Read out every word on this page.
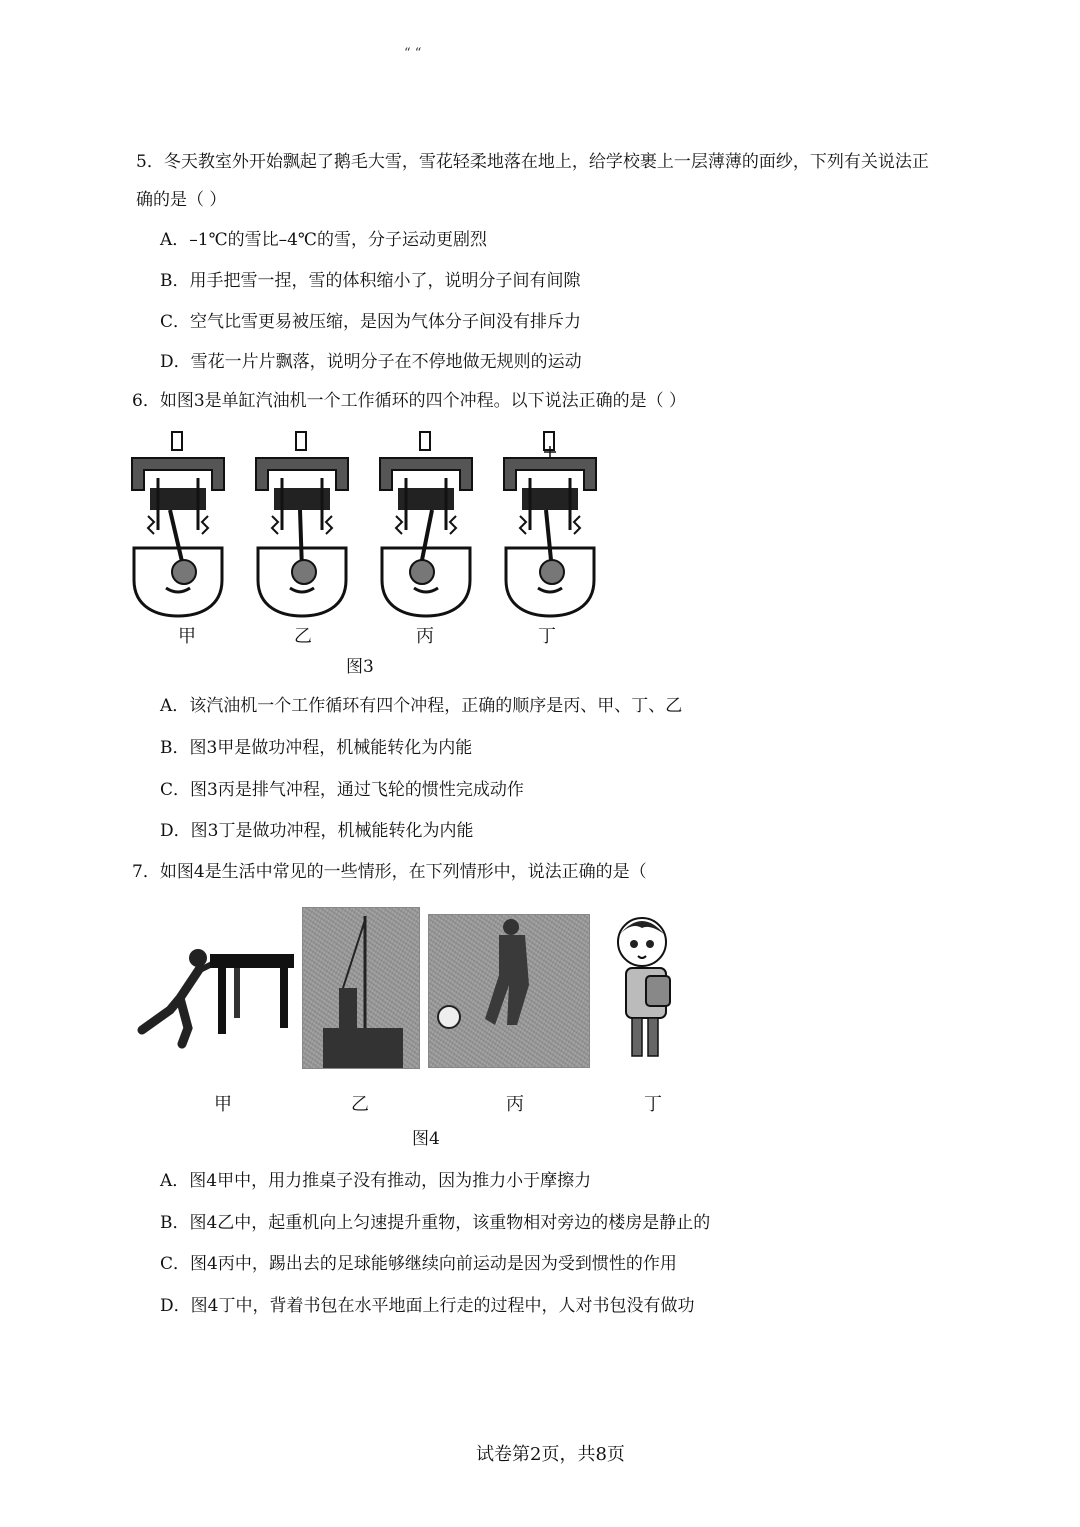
“ “
5．冬天教室外开始飘起了鹅毛大雪，雪花轻柔地落在地上，给学校裹上一层薄薄的面纱，下列有关说法正
确的是（ ）
A．–1℃的雪比–4℃的雪，分子运动更剧烈
B．用手把雪一捏，雪的体积缩小了，说明分子间有间隙
C．空气比雪更易被压缩，是因为气体分子间没有排斥力
D．雪花一片片飘落，说明分子在不停地做无规则的运动
6．如图3是单缸汽油机一个工作循环的四个冲程。以下说法正确的是（ ）
甲	乙	丙	丁
图3
A．该汽油机一个工作循环有四个冲程，正确的顺序是丙、甲、丁、乙
B．图3甲是做功冲程，机械能转化为内能
C．图3丙是排气冲程，通过飞轮的惯性完成动作
D．图3丁是做功冲程，机械能转化为内能
7．如图4是生活中常见的一些情形，在下列情形中，说法正确的是（
甲	乙	丙	丁
图4
A．图4甲中，用力推桌子没有推动，因为推力小于摩擦力
B．图4乙中，起重机向上匀速提升重物，该重物相对旁边的楼房是静止的
C．图4丙中，踢出去的足球能够继续向前运动是因为受到惯性的作用
D．图4丁中，背着书包在水平地面上行走的过程中，人对书包没有做功
试卷第2页，共8页
